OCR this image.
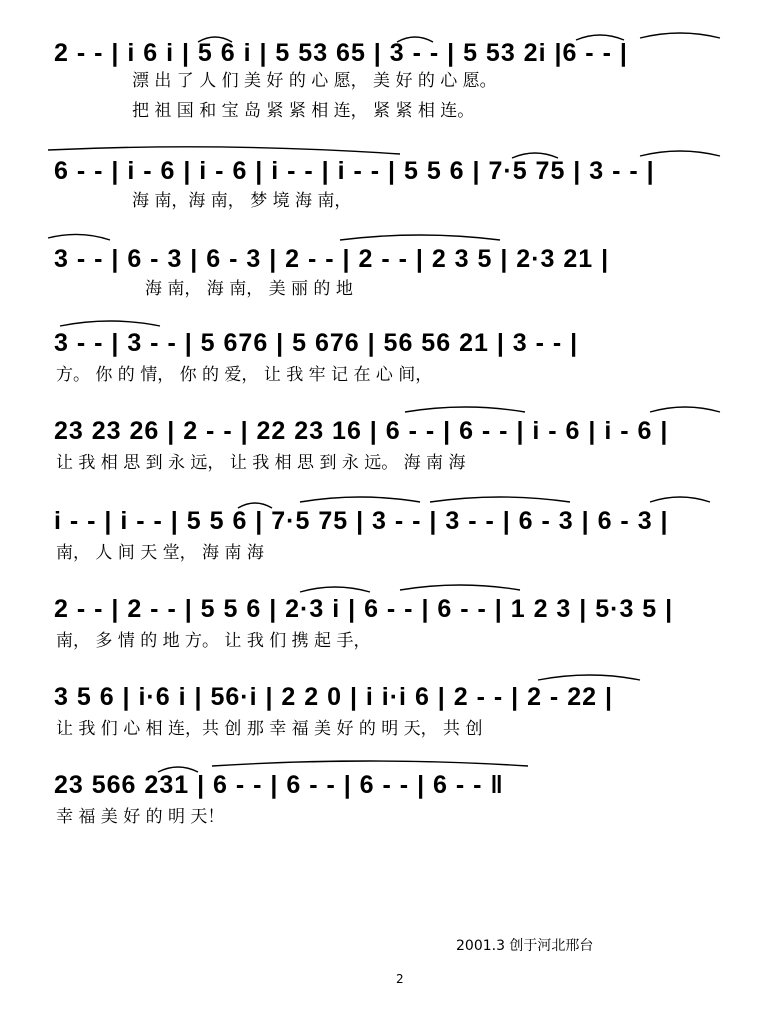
2 - - | i 6 i | 5 6 i | 5 53 65 | 3 - - | 5 53 2i |6 - - |
漂 出 了 人 们 美 好 的 心 愿， 美 好 的 心 愿。
把 祖 国 和 宝 岛 紧 紧 相 连， 紧 紧 相 连。
6 - - | i - 6 | i - 6 | i - - | i - - | 5 5 6 | 7·5 75 | 3 - - |
海 南，海 南， 梦 境 海 南，
3 - - | 6 - 3 | 6 - 3 | 2 - - | 2 - - | 2 3 5 | 2·3 21 |
海 南， 海 南， 美 丽 的 地
3 - - | 3 - - | 5 676 | 5 676 | 56 56 21 | 3 - - |
方。 你 的 情， 你 的 爱， 让 我 牢 记 在 心 间，
23 23 26 | 2 - - | 22 23 16 | 6 - - | 6 - - | i - 6 | i - 6 |
让 我 相 思 到 永 远， 让 我 相 思 到 永 远。 海 南 海
i - - | i - - | 5 5 6 | 7·5 75 | 3 - - | 3 - - | 6 - 3 | 6 - 3 |
南， 人 间 天 堂， 海 南 海
2 - - | 2 - - | 5 5 6 | 2·3 i | 6 - - | 6 - - | 1 2 3 | 5·3 5 |
南， 多 情 的 地 方。 让 我 们 携 起 手，
3 5 6 | i·6 i | 56·i | 2 2 0 | i i·i 6 | 2 - - | 2 - 22 |
让 我 们 心 相 连，共 创 那 幸 福 美 好 的 明 天， 共 创
23 566 231 | 6 - - | 6 - - | 6 - - | 6 - - ‖
幸 福 美 好 的 明 天！
2001.3 创于河北邢台
2
